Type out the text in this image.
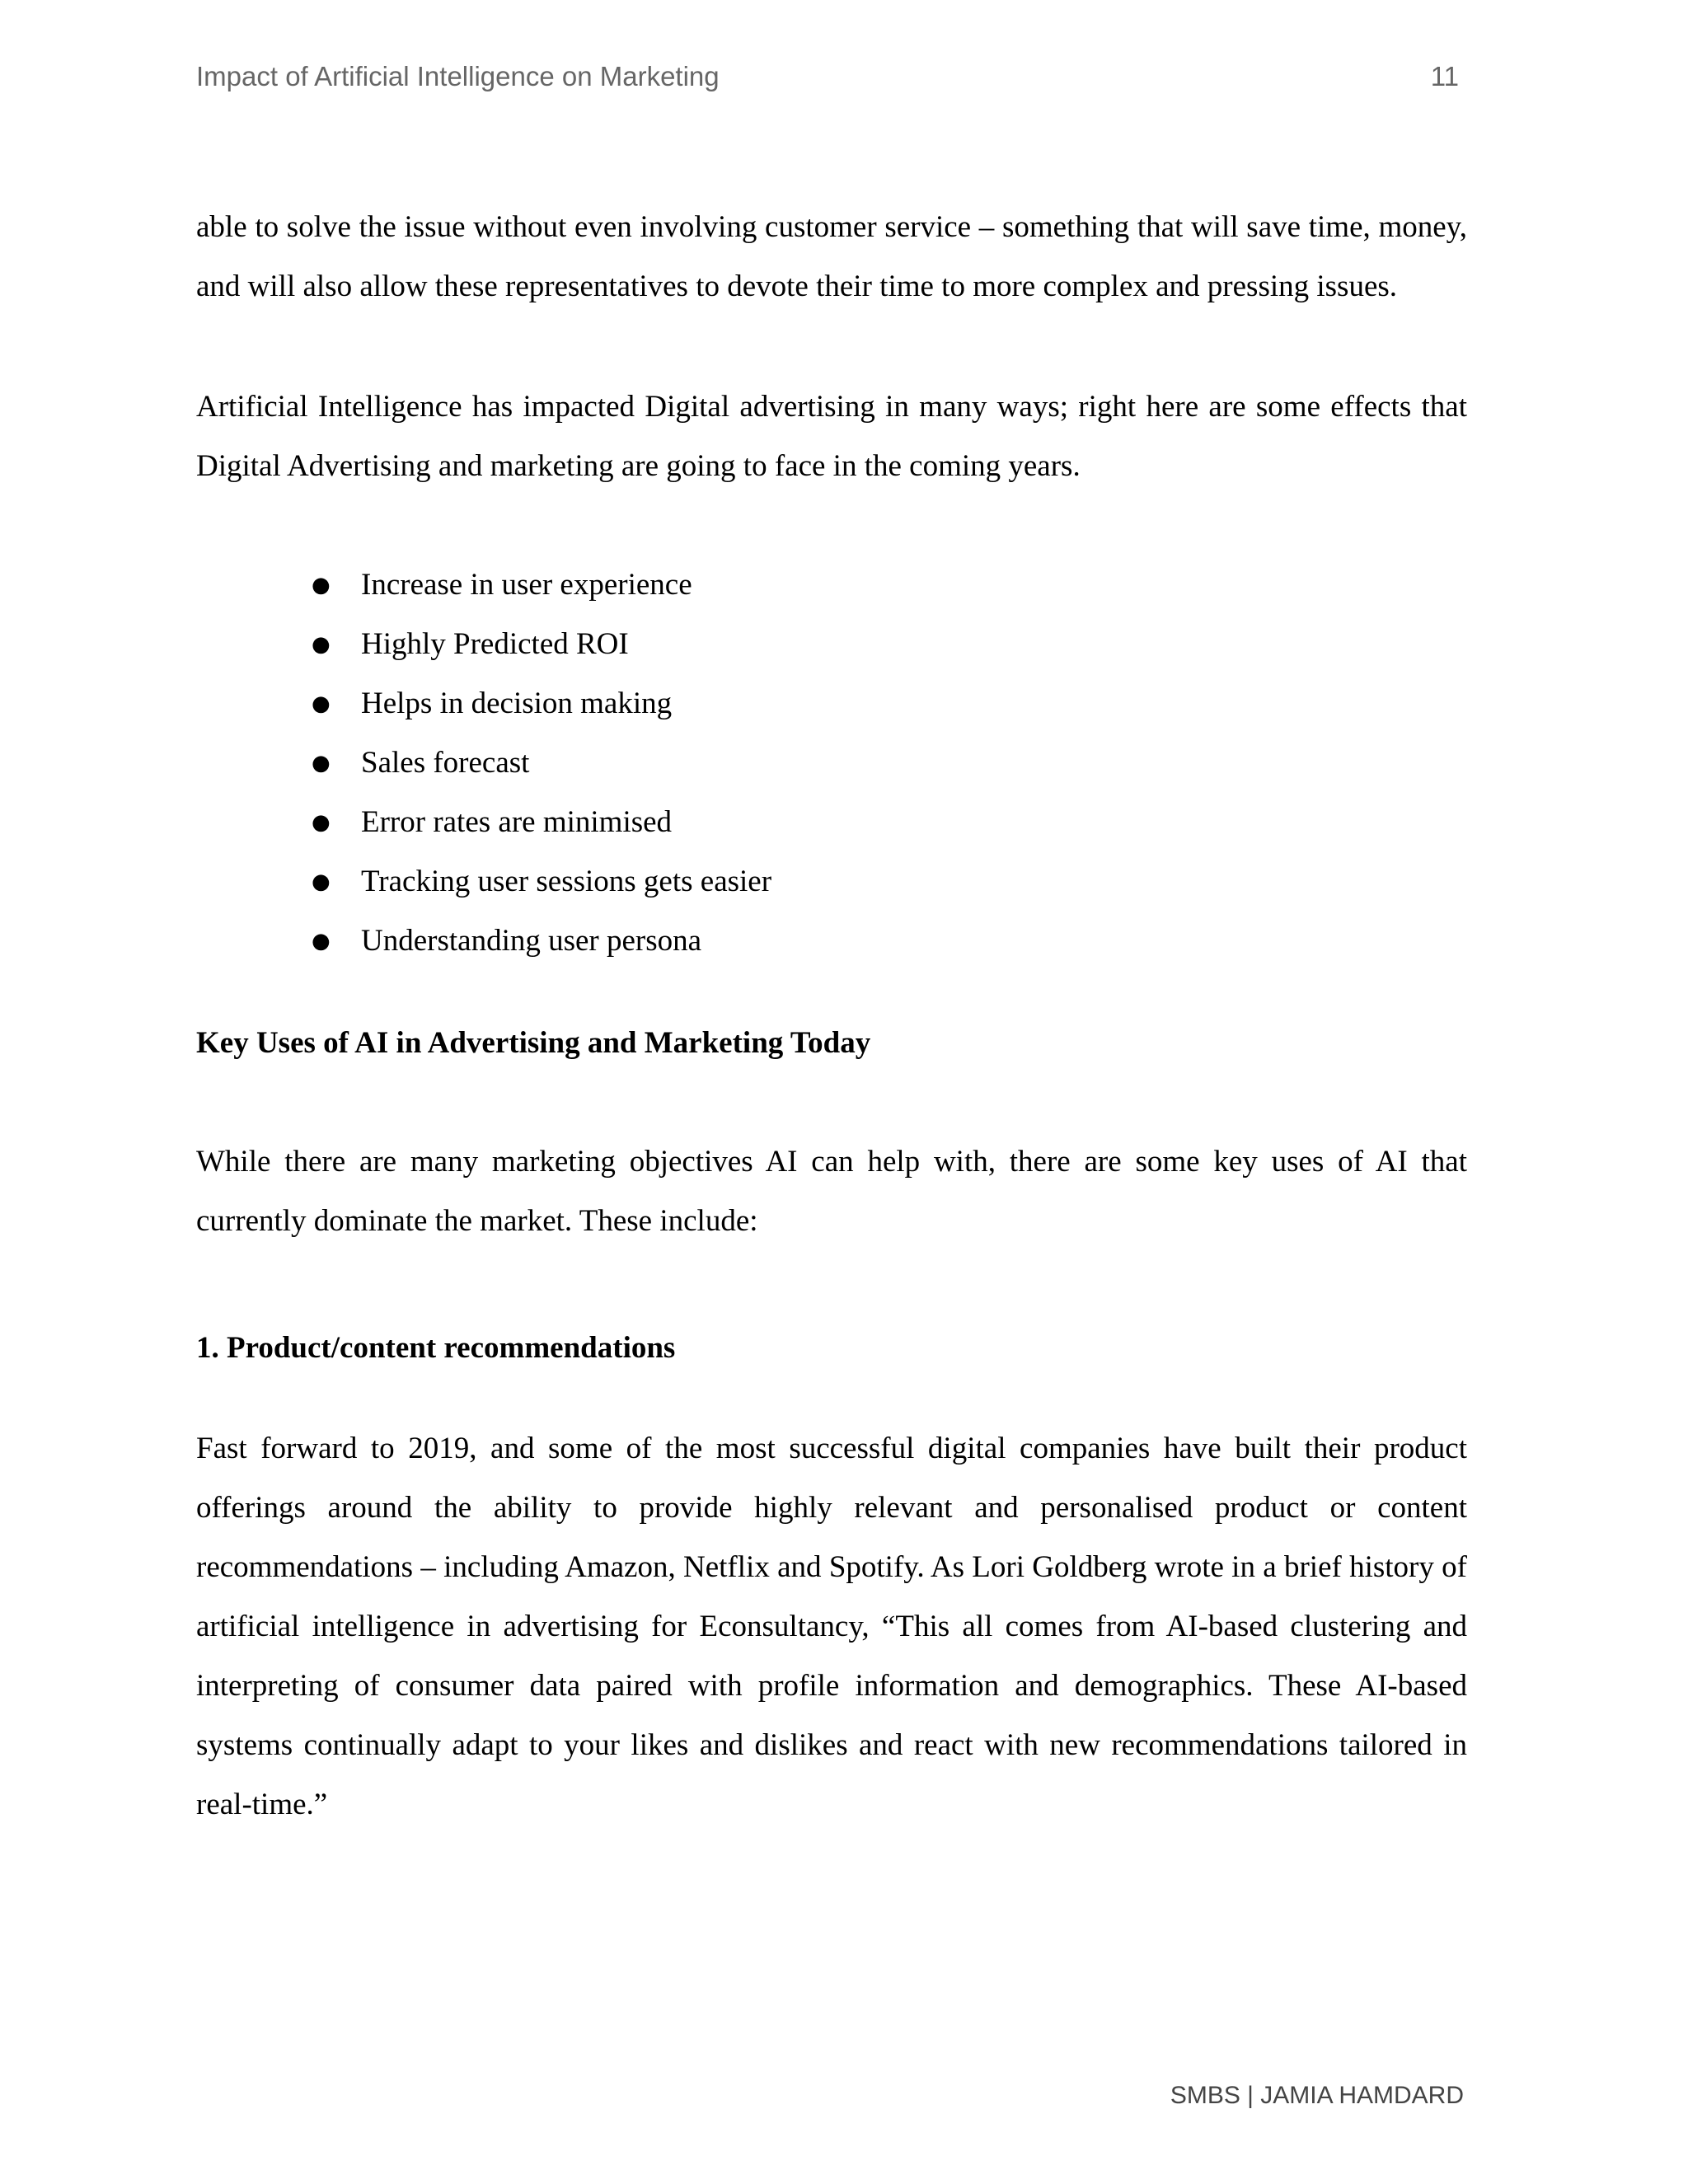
Impact of Artificial Intelligence on Marketing	11

able to solve the issue without even involving customer service – something that will save time, money, and will also allow these representatives to devote their time to more complex and pressing issues.

Artificial Intelligence has impacted Digital advertising in many ways; right here are some effects that Digital Advertising and marketing are going to face in the coming years.

● Increase in user experience
● Highly Predicted ROI
● Helps in decision making
● Sales forecast
● Error rates are minimised
● Tracking user sessions gets easier
● Understanding user persona
Key Uses of AI in Advertising and Marketing Today

While there are many marketing objectives AI can help with, there are some key uses of AI that currently dominate the market. These include:

1. Product/content recommendations

Fast forward to 2019, and some of the most successful digital companies have built their product offerings around the ability to provide highly relevant and personalised product or content recommendations – including Amazon, Netflix and Spotify. As Lori Goldberg wrote in a brief history of artificial intelligence in advertising for Econsultancy, “This all comes from AI-based clustering and interpreting of consumer data paired with profile information and demographics. These AI-based systems continually adapt to your likes and dislikes and react with new recommendations tailored in real-time.”

SMBS | JAMIA HAMDARD
